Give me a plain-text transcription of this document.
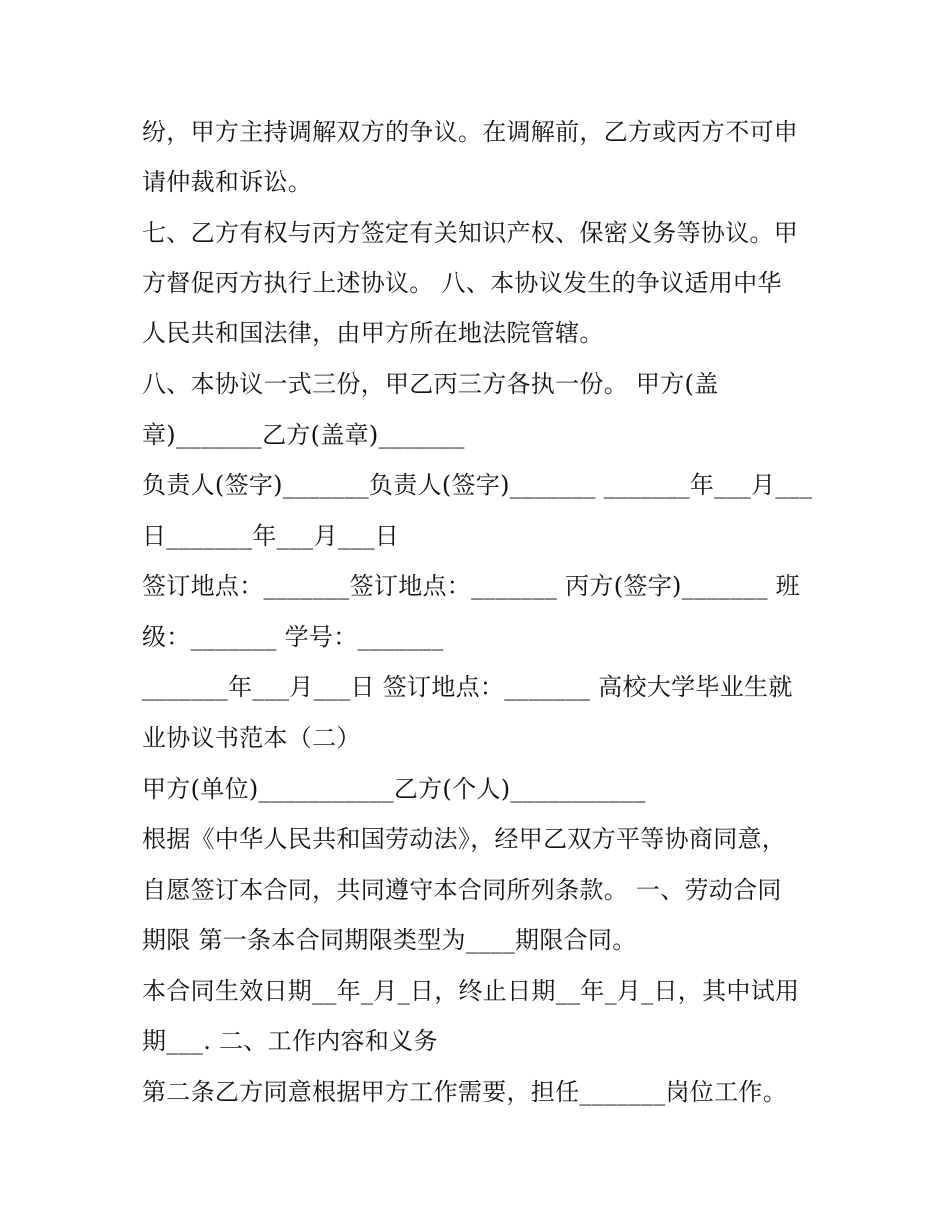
纷，甲方主持调解双方的争议。在调解前，乙方或丙方不可申
请仲裁和诉讼。
七、乙方有权与丙方签定有关知识产权、保密义务等协议。甲
方督促丙方执行上述协议。 八、本协议发生的争议适用中华
人民共和国法律，由甲方所在地法院管辖。
八、本协议一式三份，甲乙丙三方各执一份。 甲方(盖
章)_______乙方(盖章)_______
负责人(签字)_______负责人(签字)_______ _______年___月___
日_______年___月___日
签订地点：_______签订地点：_______ 丙方(签字)_______ 班
级：_______ 学号：_______
_______年___月___日 签订地点：_______ 高校大学毕业生就
业协议书范本（二）
甲方(单位)___________乙方(个人)___________
根据《中华人民共和国劳动法》，经甲乙双方平等协商同意，
自愿签订本合同，共同遵守本合同所列条款。 一、劳动合同
期限 第一条本合同期限类型为____期限合同。
本合同生效日期__年_月_日，终止日期__年_月_日，其中试用
期___. 二、工作内容和义务
第二条乙方同意根据甲方工作需要，担任_______岗位工作。
